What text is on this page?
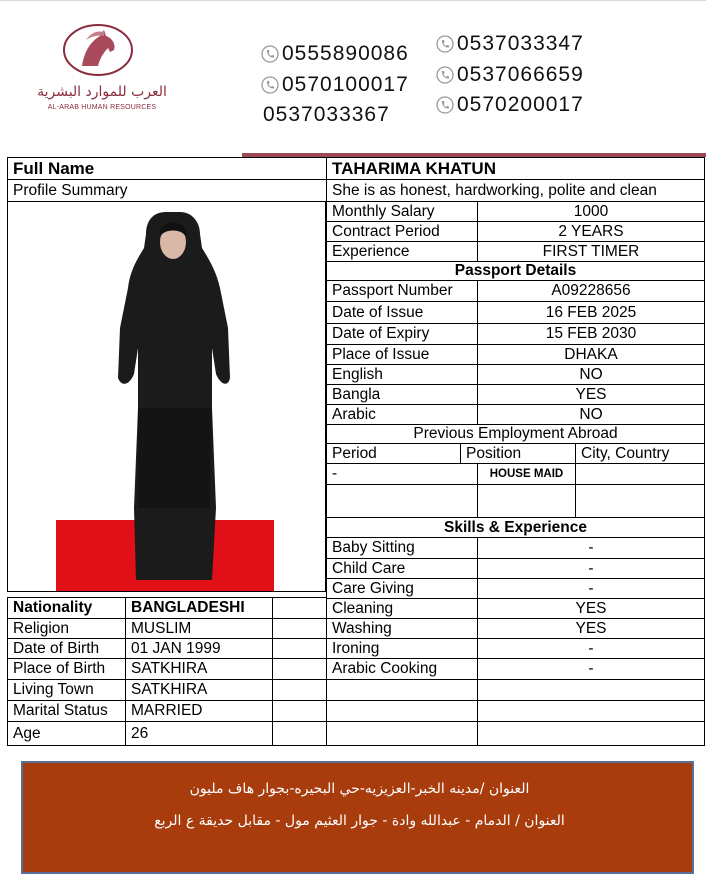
العرب للموارد البشرية
AL-ARAB HUMAN RESOURCES
0555890086
0570100017
0537033367
0537033347
0537066659
0570200017
Full Name	TAHARIMA KHATUN
Profile Summary	She is as honest, hardworking, polite and clean
Monthly Salary	1000
Contract Period	2 YEARS
Experience	FIRST TIMER
Passport Details
Passport Number	A09228656
Date of Issue	16 FEB 2025
Date of Expiry	15 FEB 2030
Place of Issue	DHAKA
English	NO
Bangla	YES
Arabic	NO
Previous Employment Abroad
Period	Position	City, Country
-	HOUSE MAID
Skills & Experience
Baby Sitting	-
Child Care	-
Care Giving	-
Cleaning	YES
Washing	YES
Ironing	-
Arabic Cooking	-
Nationality	BANGLADESHI
Religion	MUSLIM
Date of Birth	01 JAN 1999
Place of Birth	SATKHIRA
Living Town	SATKHIRA
Marital Status	MARRIED
Age	26
العنوان /مدينه الخبر-العزيزيه-حي البحيره-بجوار هاف مليون
العنوان / الدمام - عبدالله وادة - جوار العثيم مول - مقابل حديقة ع الربع
